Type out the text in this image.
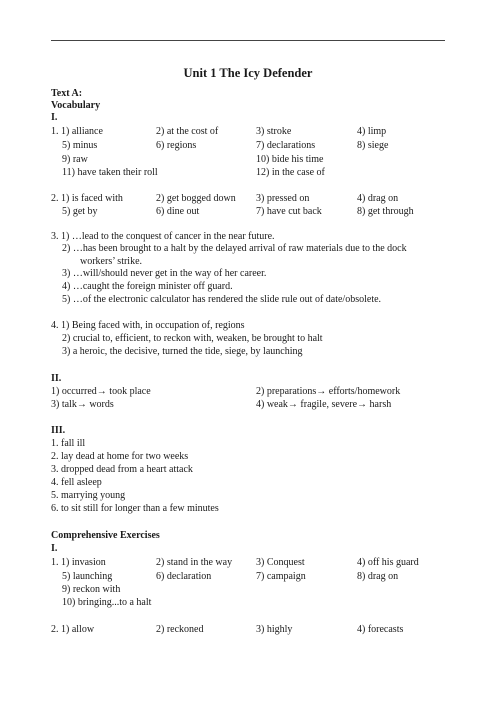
Unit 1 The Icy Defender
Text A:
Vocabulary
I.
1. 1) alliance	2) at the cost of	3) stroke	4) limp
5) minus	6) regions	7) declarations	8) siege
9) raw	10) bide his time
11) have taken their roll	12) in the case of
2. 1) is faced with	2) get bogged down 3) pressed on	4) drag on
5) get by	6) dine out	7) have cut back	8) get through
3. 1) …lead to the conquest of cancer in the near future.
2) …has been brought to a halt by the delayed arrival of raw materials due to the dock
workers’ strike.
3) …will/should never get in the way of her career.
4) …caught the foreign minister off guard.
5) …of the electronic calculator has rendered the slide rule out of date/obsolete.
4. 1) Being faced with, in occupation of, regions
2) crucial to, efficient, to reckon with, weaken, be brought to halt
3) a heroic, the decisive, turned the tide, siege, by launching
II.
1) occurred→ took place	2) preparations→ efforts/homework
3) talk→ words	4) weak→ fragile, severe→ harsh
III.
1. fall ill
2. lay dead at home for two weeks
3. dropped dead from a heart attack
4. fell asleep
5. marrying young
6. to sit still for longer than a few minutes
Comprehensive Exercises
I.
1. 1) invasion	2) stand in the way 3) Conquest	4) off his guard
5) launching	6) declaration	7) campaign	8) drag on
9) reckon with
10) bringing...to a halt
2. 1) allow	2) reckoned	3) highly	4) forecasts
